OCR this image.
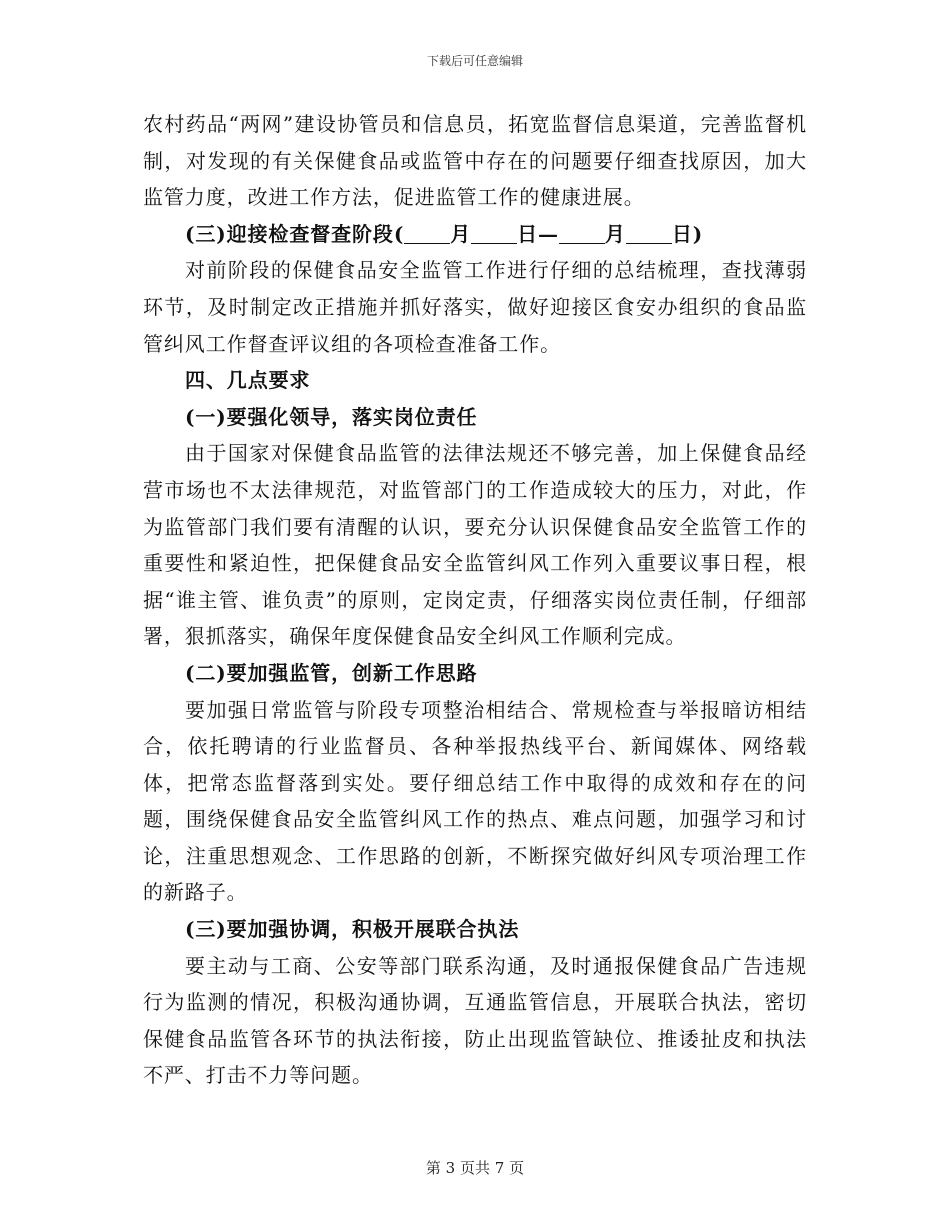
下载后可任意编辑

农村药品“两网”建设协管员和信息员，拓宽监督信息渠道，完善监督机制，对发现的有关保健食品或监管中存在的问题要仔细查找原因，加大监管力度，改进工作方法，促进监管工作的健康进展。

(三)迎接检查督查阶段( 月 日— 月 日)

对前阶段的保健食品安全监管工作进行仔细的总结梳理，查找薄弱环节，及时制定改正措施并抓好落实，做好迎接区食安办组织的食品监管纠风工作督查评议组的各项检查准备工作。

四、几点要求

(一)要强化领导，落实岗位责任

由于国家对保健食品监管的法律法规还不够完善，加上保健食品经营市场也不太法律规范，对监管部门的工作造成较大的压力，对此，作为监管部门我们要有清醒的认识，要充分认识保健食品安全监管工作的重要性和紧迫性，把保健食品安全监管纠风工作列入重要议事日程，根据“谁主管、谁负责”的原则，定岗定责，仔细落实岗位责任制，仔细部署，狠抓落实，确保年度保健食品安全纠风工作顺利完成。

(二)要加强监管，创新工作思路

要加强日常监管与阶段专项整治相结合、常规检查与举报暗访相结合，依托聘请的行业监督员、各种举报热线平台、新闻媒体、网络载体，把常态监督落到实处。要仔细总结工作中取得的成效和存在的问题，围绕保健食品安全监管纠风工作的热点、难点问题，加强学习和讨论，注重思想观念、工作思路的创新，不断探究做好纠风专项治理工作的新路子。

(三)要加强协调，积极开展联合执法

要主动与工商、公安等部门联系沟通，及时通报保健食品广告违规行为监测的情况，积极沟通协调，互通监管信息，开展联合执法，密切保健食品监管各环节的执法衔接，防止出现监管缺位、推诿扯皮和执法不严、打击不力等问题。

第 3 页共 7 页
